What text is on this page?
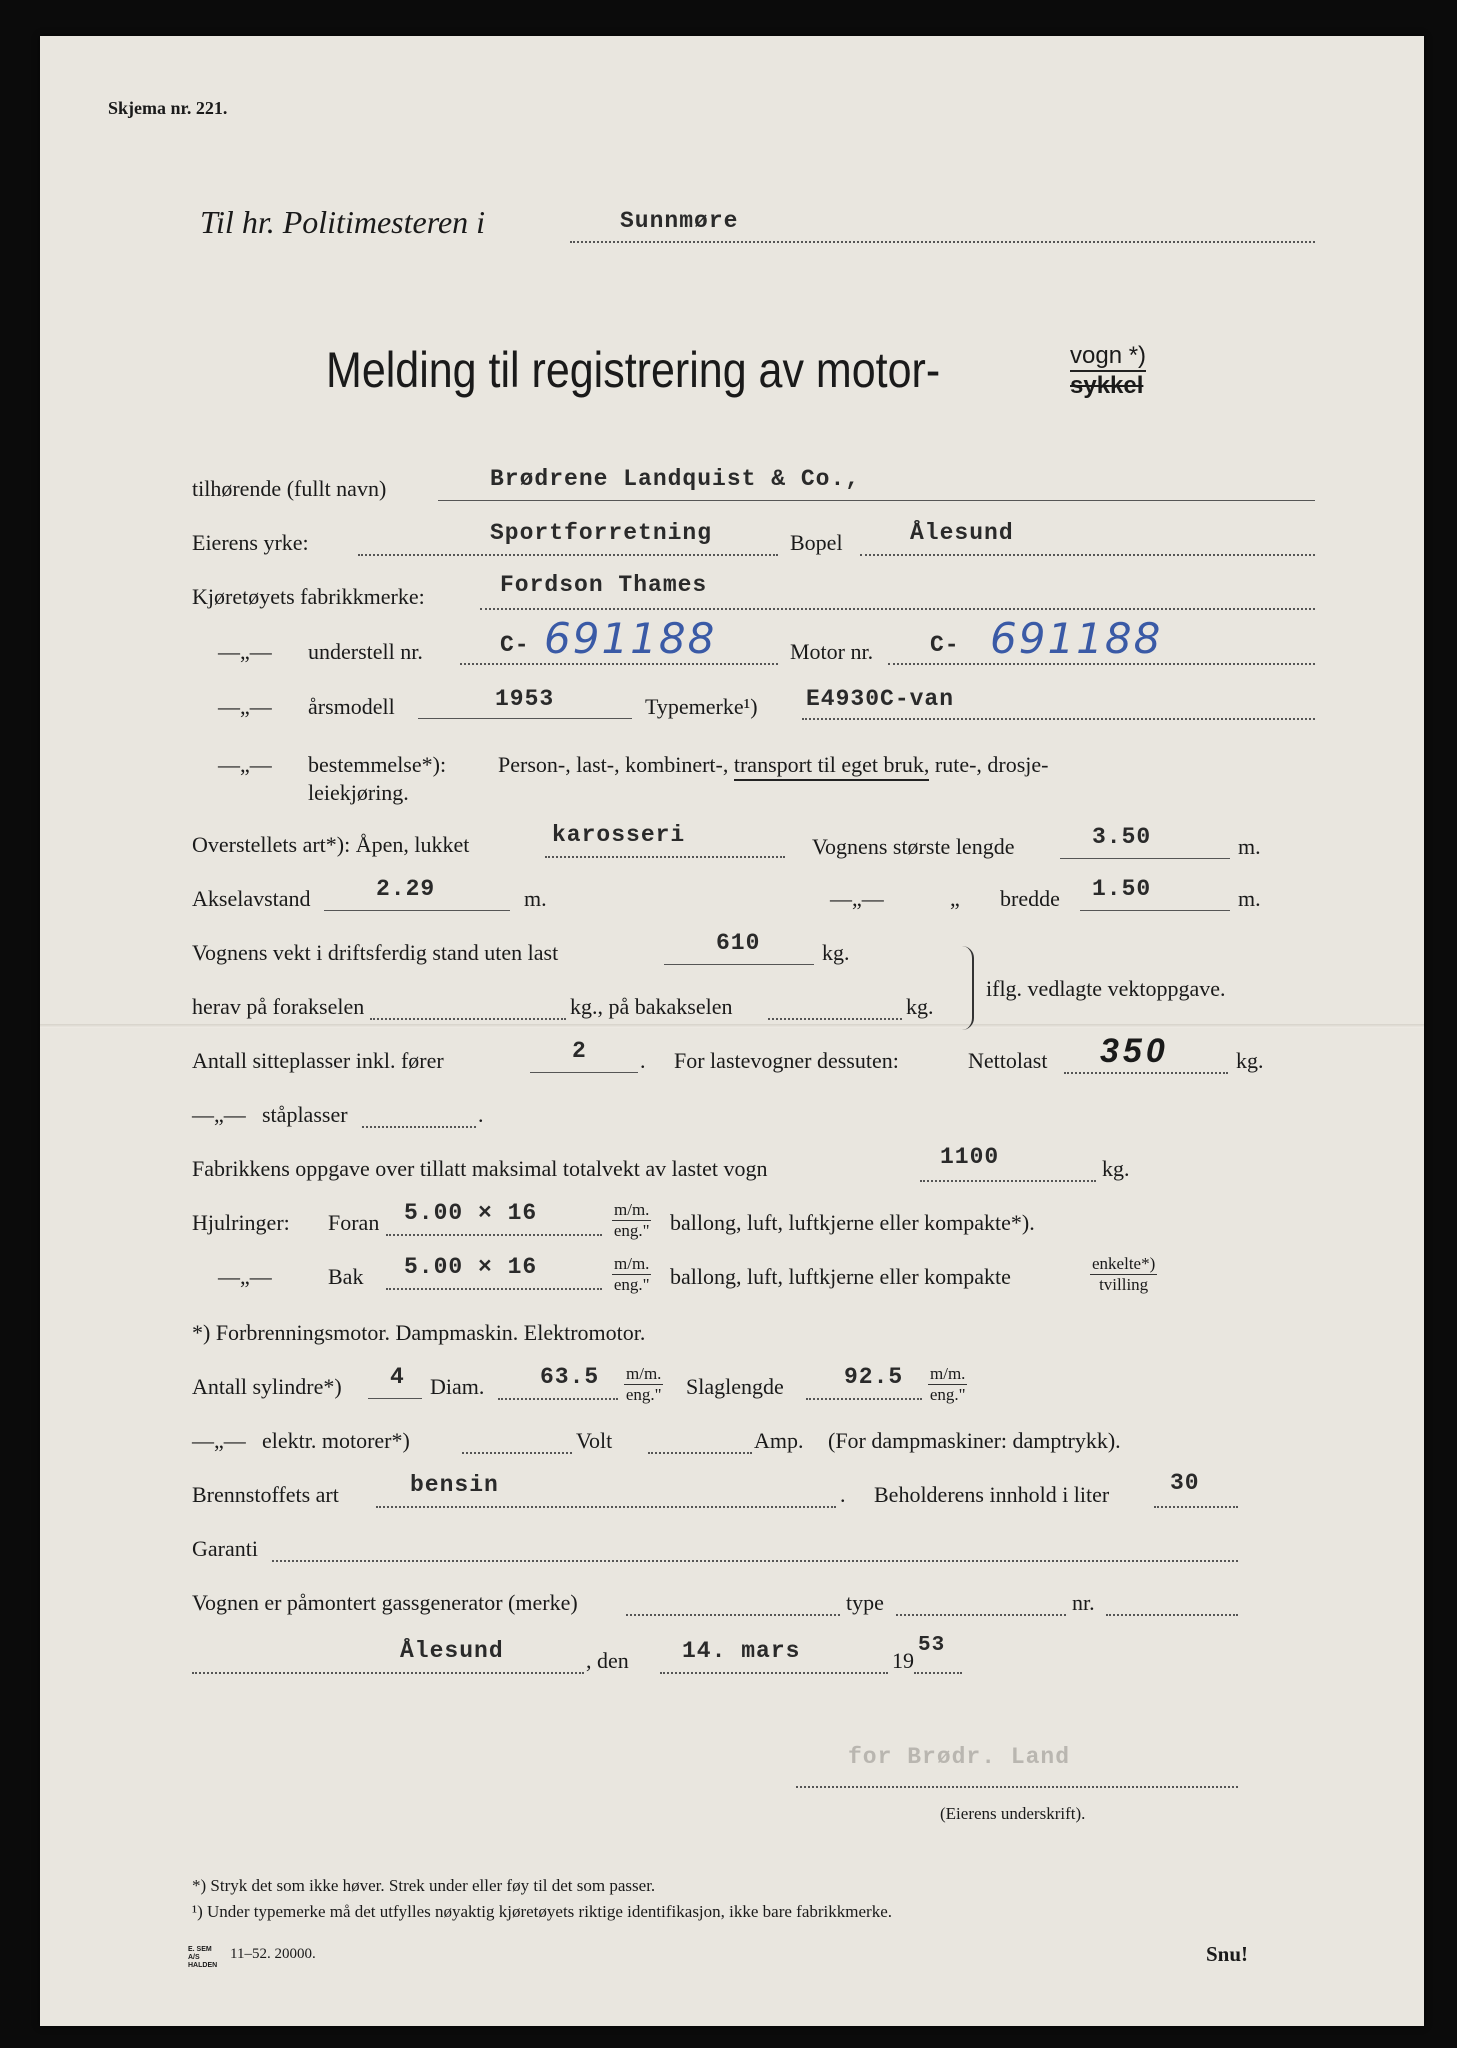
Skjema nr. 221.
Til hr. Politimesteren i	Sunnmøre
Melding til registrering av motor-	vogn *)
sykkel
tilhørende (fullt navn)	Brødrene Landquist & Co.,
Eierens yrke:	Sportforretning	Bopel	Ålesund
Kjøretøyets fabrikkmerke:	Fordson Thames
—„— understell nr.	C- 691188	Motor nr. C- 691188
—„— årsmodell	1953	Typemerke¹) E4930C-van
—„— bestemmelse*): Person-, last-, kombinert-, transport til eget bruk, rute-, drosje-
leiekjøring.
Overstellets art*): Åpen, lukket	karosseri	Vognens største lengde	3.50	m.
Akselavstand	2.29	m.	—„—	„ bredde 1.50	m.
Vognens vekt i driftsferdig stand uten last	610	kg.
iflg. vedlagte vektoppgave.
herav på forakselen	kg., på bakakselen	kg.
Antall sitteplasser inkl. fører	2 . For lastevogner dessuten:	Nettolast 350	kg.
—„— ståplasser	.
Fabrikkens oppgave over tillatt maksimal totalvekt av lastet vogn	1100	kg.
Hjulringer: Foran 5.00 × 16	m/m.
eng." ballong, luft, luftkjerne eller kompakte*).
—„—	Bak 5.00 × 16	m/m.
eng." ballong, luft, luftkjerne eller kompakte
enkelte*)
tvilling
*) Forbrenningsmotor. Dampmaskin. Elektromotor.
Antall sylindre*) 4 Diam. 63.5 m/m.
eng." Slaglengde	92.5 m/m.
eng."
—„— elektr. motorer*)	Volt	Amp. (For dampmaskiner: damptrykk).
Brennstoffets art	bensin	. Beholderens innhold i liter	30
Garanti
Vognen er påmontert gassgenerator (merke)	type	nr.
Ålesund	, den 14. mars	19
53
for Brødr. Land
(Eierens underskrift).
*) Stryk det som ikke høver. Strek under eller føy til det som passer.
¹) Under typemerke må det utfylles nøyaktig kjøretøyets riktige identifikasjon, ikke bare fabrikkmerke.
E. SEM A/S HALDEN
11–52. 20000.	Snu!
